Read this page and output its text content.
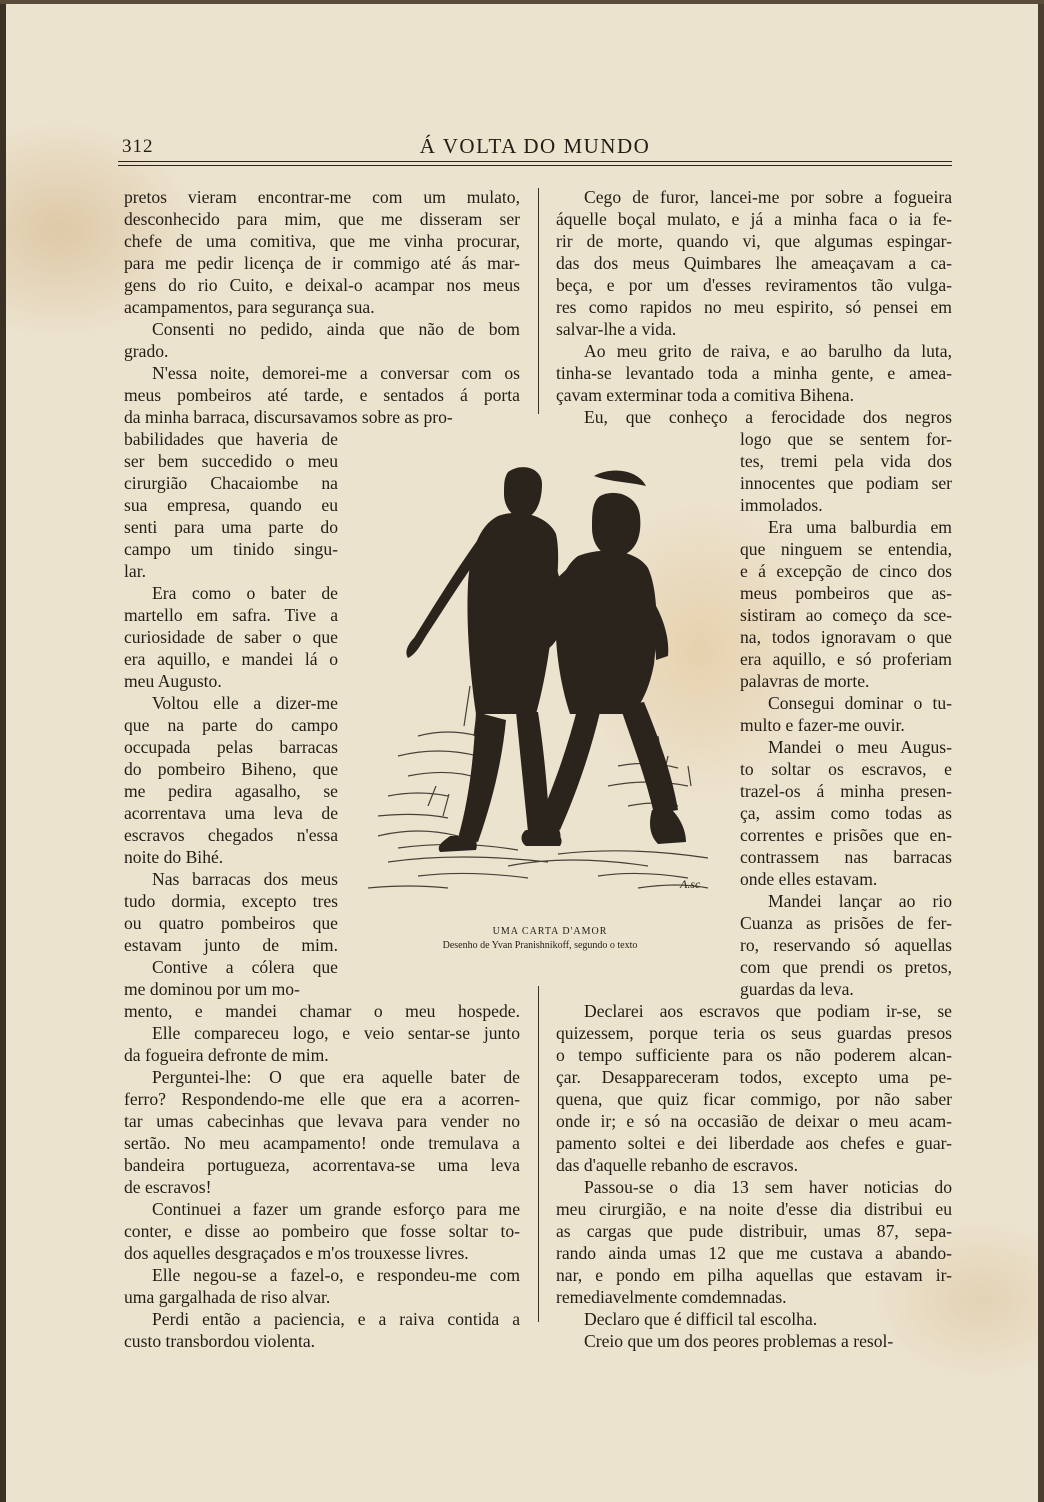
312	Á VOLTA DO MUNDO
pretos vieram encontrar-me com um mulato,
desconhecido para mim, que me disseram ser
chefe de uma comitiva, que me vinha procurar,
para me pedir licença de ir commigo até ás mar-
gens do rio Cuito, e deixal-o acampar nos meus
acampamentos, para segurança sua.
Consenti no pedido, ainda que não de bom
grado.
N'essa noite, demorei-me a conversar com os
meus pombeiros até tarde, e sentados á porta
da minha barraca, discursavamos sobre as pro-
babilidades que haveria de
ser bem succedido o meu
cirurgião Chacaiombe na
sua empresa, quando eu
senti para uma parte do
campo um tinido singu-
lar.
Era como o bater de
martello em safra. Tive a
curiosidade de saber o que
era aquillo, e mandei lá o
meu Augusto.
Voltou elle a dizer-me
que na parte do campo
occupada pelas barracas
do pombeiro Biheno, que
me pedira agasalho, se
acorrentava uma leva de
escravos chegados n'essa
noite do Bihé.
Nas barracas dos meus
tudo dormia, excepto tres
ou quatro pombeiros que
estavam junto de mim.
Contive a cólera que
me dominou por um mo-
mento, e mandei chamar o meu hospede.
Elle compareceu logo, e veio sentar-se junto
da fogueira defronte de mim.
Perguntei-lhe: O que era aquelle bater de
ferro? Respondendo-me elle que era a acorren-
tar umas cabecinhas que levava para vender no
sertão. No meu acampamento! onde tremulava a
bandeira portugueza, acorrentava-se uma leva
de escravos!
Continuei a fazer um grande esforço para me
conter, e disse ao pombeiro que fosse soltar to-
dos aquelles desgraçados e m'os trouxesse livres.
Elle negou-se a fazel-o, e respondeu-me com
uma gargalhada de riso alvar.
Perdi então a paciencia, e a raiva contida a
custo transbordou violenta.
Cego de furor, lancei-me por sobre a fogueira
áquelle boçal mulato, e já a minha faca o ia fe-
rir de morte, quando vi, que algumas espingar-
das dos meus Quimbares lhe ameaçavam a ca-
beça, e por um d'esses reviramentos tão vulga-
res como rapidos no meu espirito, só pensei em
salvar-lhe a vida.
Ao meu grito de raiva, e ao barulho da luta,
tinha-se levantado toda a minha gente, e amea-
çavam exterminar toda a comitiva Bihena.
Eu, que conheço a ferocidade dos negros
logo que se sentem for-
tes, tremi pela vida dos
innocentes que podiam ser
immolados.
Era uma balburdia em
que ninguem se entendia,
e á excepção de cinco dos
meus pombeiros que as-
sistiram ao começo da sce-
na, todos ignoravam o que
era aquillo, e só proferiam
palavras de morte.
Consegui dominar o tu-
multo e fazer-me ouvir.
Mandei o meu Augus-
to soltar os escravos, e
trazel-os á minha presen-
ça, assim como todas as
correntes e prisões que en-
contrassem nas barracas
onde elles estavam.
Mandei lançar ao rio
Cuanza as prisões de fer-
ro, reservando só aquellas
com que prendi os pretos,
guardas da leva.
Declarei aos escravos que podiam ir-se, se
quizessem, porque teria os seus guardas presos
o tempo sufficiente para os não poderem alcan-
çar. Desappareceram todos, excepto uma pe-
quena, que quiz ficar commigo, por não saber
onde ir; e só na occasião de deixar o meu acam-
pamento soltei e dei liberdade aos chefes e guar-
das d'aquelle rebanho de escravos.
Passou-se o dia 13 sem haver noticias do
meu cirurgião, e na noite d'esse dia distribui eu
as cargas que pude distribuir, umas 87, sepa-
rando ainda umas 12 que me custava a abando-
nar, e pondo em pilha aquellas que estavam ir-
remediavelmente comdemnadas.
Declaro que é difficil tal escolha.
Creio que um dos peores problemas a resol-
A.sc
UMA CARTA D'AMOR
Desenho de Yvan Pranishnikoff, segundo o texto
